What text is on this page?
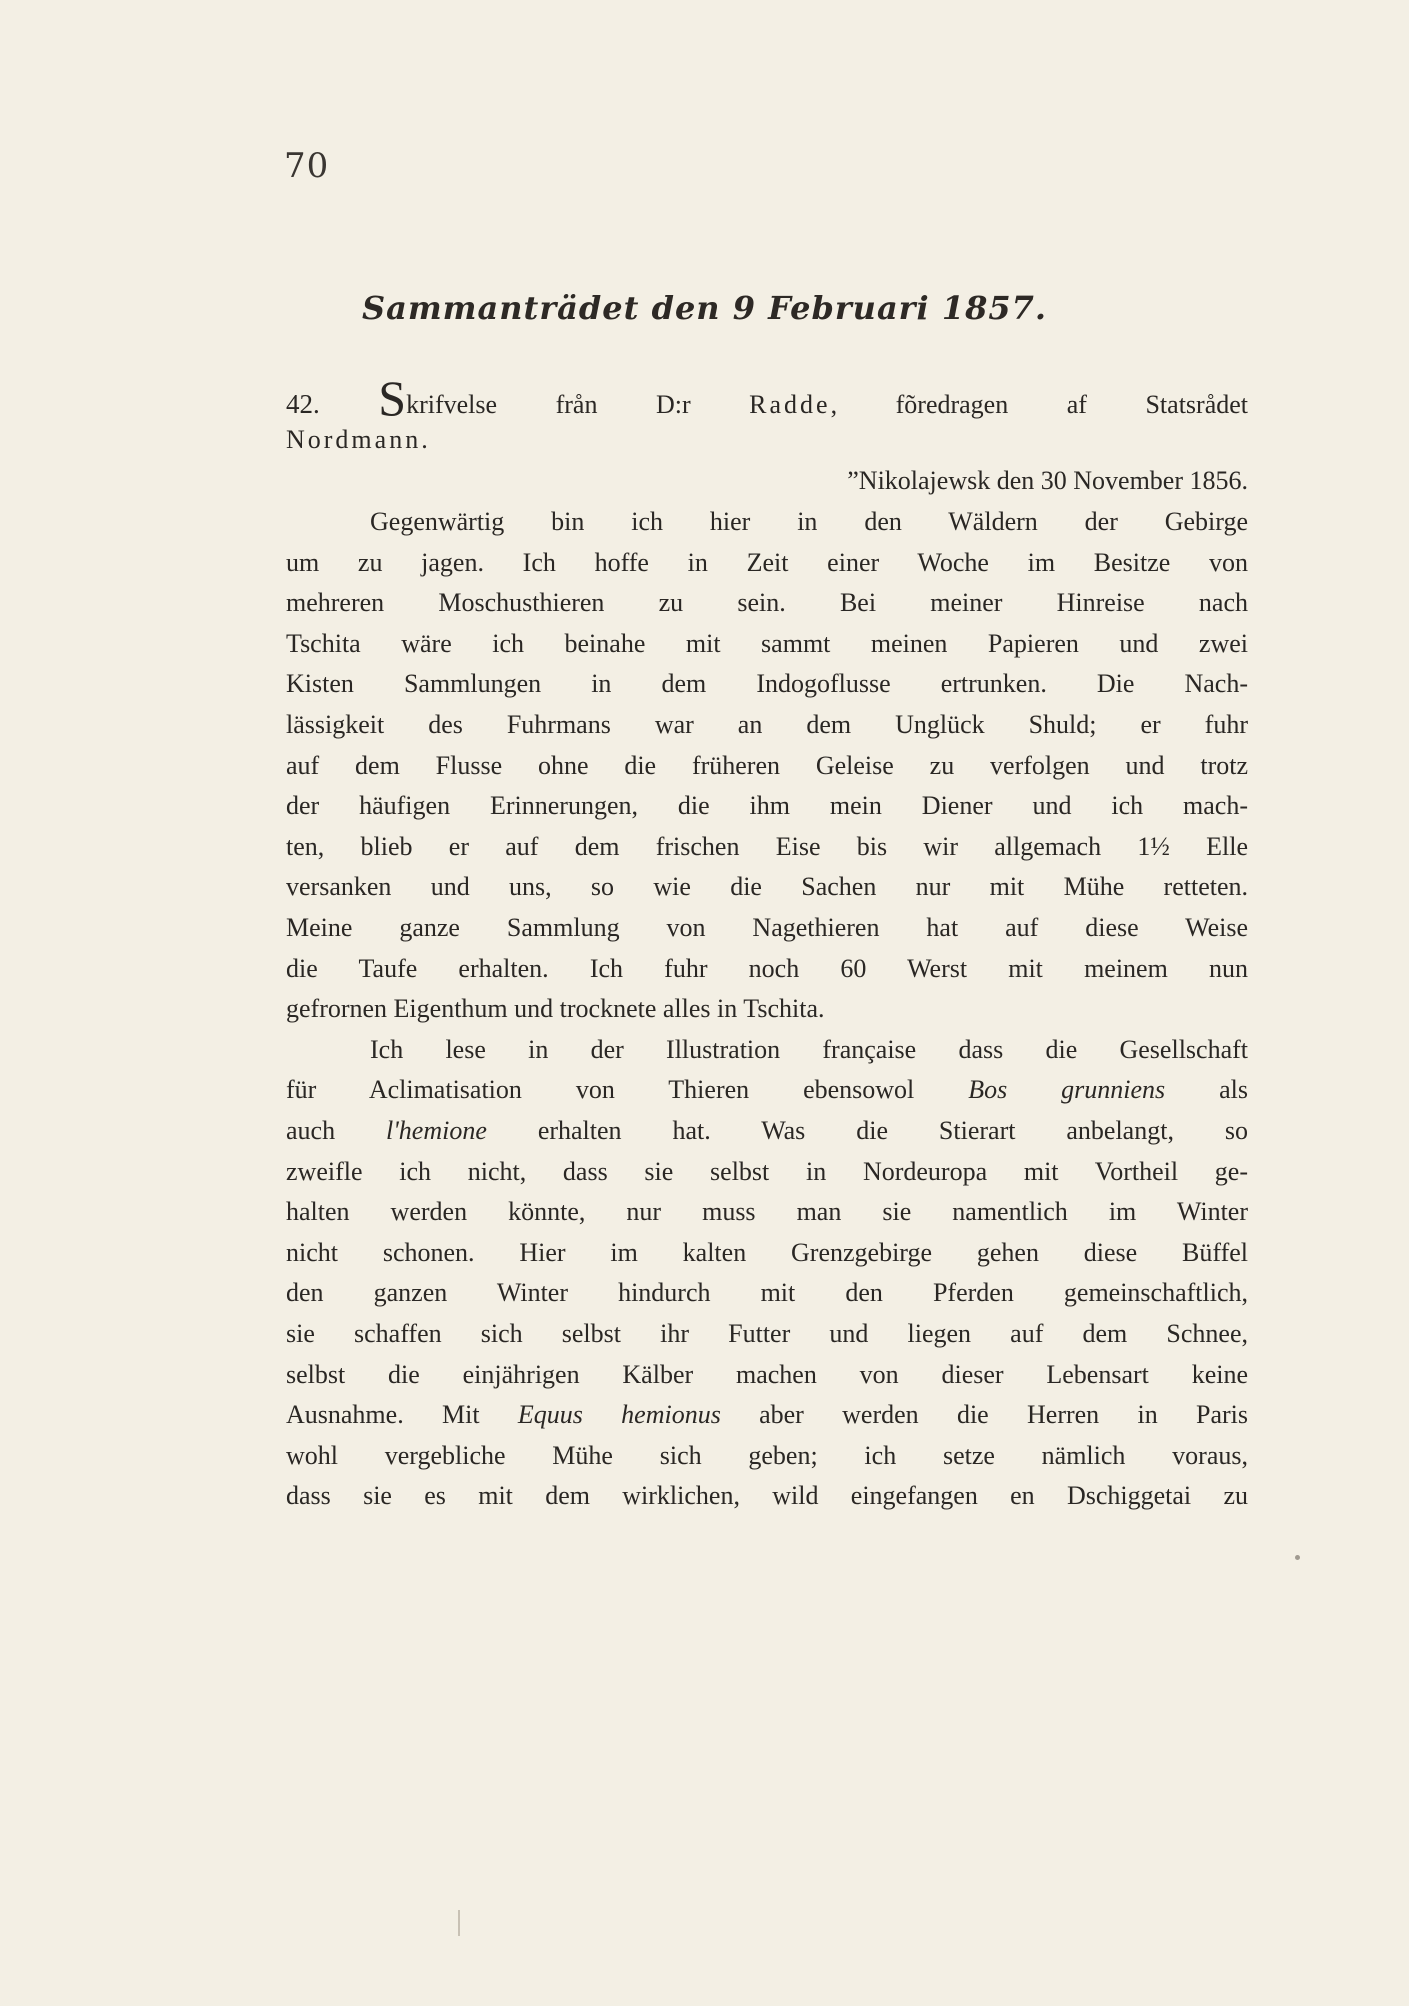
70
Sammanträdet den 9 Februari 1857.
42. Skrifvelse från D:r Radde, fõredragen af Statsrådet
Nordmann.
”Nikolajewsk den 30 November 1856.
Gegenwärtig bin ich hier in den Wäldern der Gebirge
um zu jagen. Ich hoffe in Zeit einer Woche im Besitze von
mehreren Moschusthieren zu sein. Bei meiner Hinreise nach
Tschita wäre ich beinahe mit sammt meinen Papieren und zwei
Kisten Sammlungen in dem Indogoflusse ertrunken. Die Nach-
lässigkeit des Fuhrmans war an dem Unglück Shuld; er fuhr
auf dem Flusse ohne die früheren Geleise zu verfolgen und trotz
der häufigen Erinnerungen, die ihm mein Diener und ich mach-
ten, blieb er auf dem frischen Eise bis wir allgemach 1½ Elle
versanken und uns, so wie die Sachen nur mit Mühe retteten.
Meine ganze Sammlung von Nagethieren hat auf diese Weise
die Taufe erhalten. Ich fuhr noch 60 Werst mit meinem nun
gefrornen Eigenthum und trocknete alles in Tschita.
Ich lese in der Illustration française dass die Gesellschaft
für Aclimatisation von Thieren ebensowol Bos grunniens als
auch l'hemione erhalten hat. Was die Stierart anbelangt, so
zweifle ich nicht, dass sie selbst in Nordeuropa mit Vortheil ge-
halten werden könnte, nur muss man sie namentlich im Winter
nicht schonen. Hier im kalten Grenzgebirge gehen diese Büffel
den ganzen Winter hindurch mit den Pferden gemeinschaftlich,
sie schaffen sich selbst ihr Futter und liegen auf dem Schnee,
selbst die einjährigen Kälber machen von dieser Lebensart keine
Ausnahme. Mit Equus hemionus aber werden die Herren in Paris
wohl vergebliche Mühe sich geben; ich setze nämlich voraus,
dass sie es mit dem wirklichen, wild eingefangen en Dschiggetai zu
